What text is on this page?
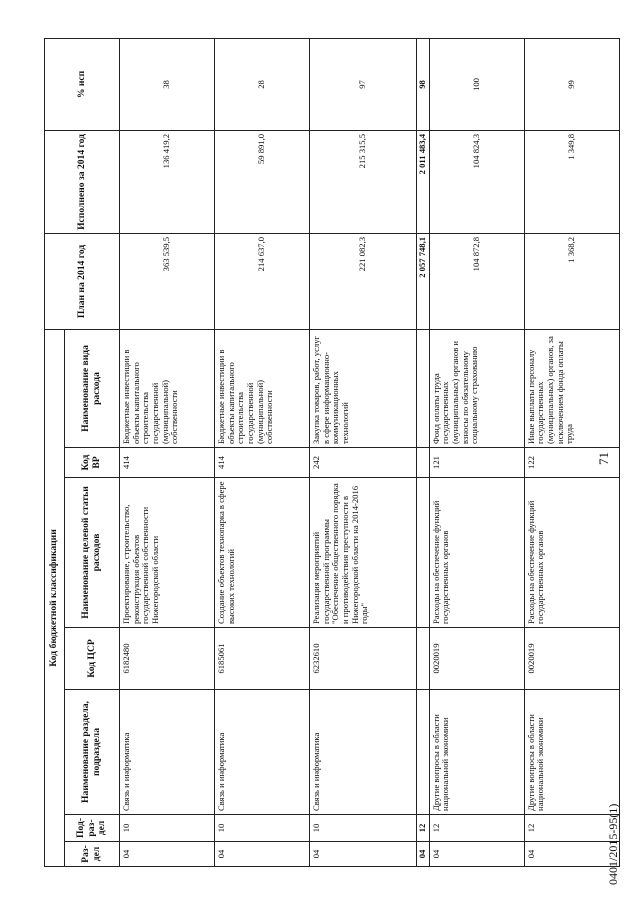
71
0401/2015-95(1)
Код бюджетной классификации							План на 2014 год	Исполнено за 2014 год	% исп
Раз-дел	Под-раз-дел	Наименование раздела, подраздела	Код ЦСР	Наименование целевой статьи расходов	Код ВР	Наименование вида расхода			
04	10	Связь и информатика	6182480	Проектирование, строительство, реконструкция объектов государственной собственности Нижегородской области	414	Бюджетные инвестиции в объекты капитального строительства государственной (муниципальной) собственности	363 539,5	136 419,2	38
04	10	Связь и информатика	6185061	Создание объектов технопарка в сфере высоких технологий	414	Бюджетные инвестиции в объекты капитального строительства государственной (муниципальной) собственности	214 637,0	59 891,0	28
04	10	Связь и информатика	6232610	Реализация мероприятий государственной программы "Обеспечение общественного порядка и противодействия преступности в Нижегородской области на 2014-2016 годы"	242	Закупка товаров, работ, услуг в сфере информационно-коммуникационных технологий	221 082,3	215 315,5	97
04	12						2 057 748,1	2 011 483,4	98
04	12	Другие вопросы в области национальной экономики	0020019	Расходы на обеспечение функций государственных органов	121	Фонд оплаты труда государственных (муниципальных) органов и взносы по обязательному социальному страхованию	104 872,8	104 824,3	100
04	12	Другие вопросы в области национальной экономики	0020019	Расходы на обеспечение функций государственных органов	122	Иные выплаты персоналу государственных (муниципальных) органов, за исключением фонда оплаты труда	1 368,2	1 349,8	99
